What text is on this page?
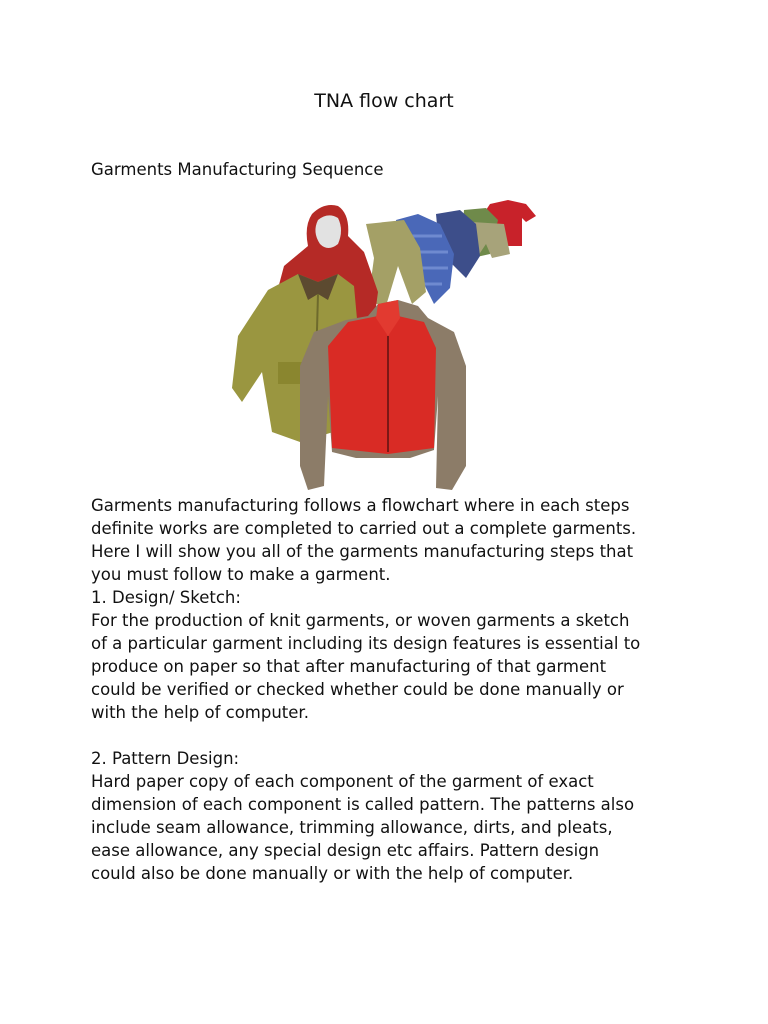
TNA flow chart
Garments Manufacturing Sequence

Garments manufacturing follows a flowchart where in each steps

definite works are completed to carried out a complete garments.

Here I will show you all of the garments manufacturing steps that

you must follow to make a garment.

1. Design/ Sketch:

For the production of knit garments, or woven garments a sketch

of a particular garment including its design features is essential to

produce on paper so that after manufacturing of that garment

could be verified or checked whether could be done manually or

with the help of computer.

2. Pattern Design:

Hard paper copy of each component of the garment of exact

dimension of each component is called pattern. The patterns also

include seam allowance, trimming allowance, dirts, and pleats,

ease allowance, any special design etc affairs. Pattern design

could also be done manually or with the help of computer.
